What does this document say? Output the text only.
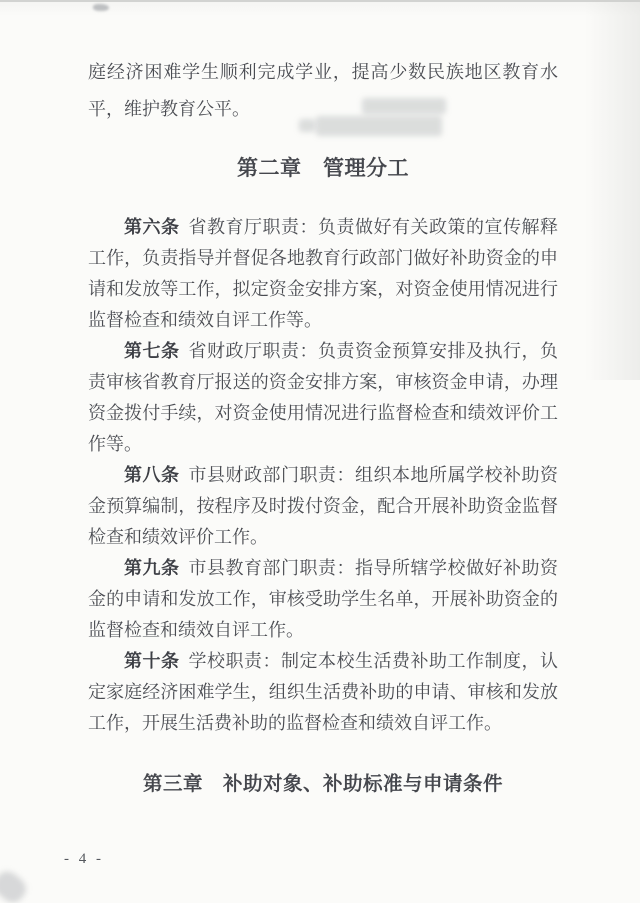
庭经济困难学生顺利完成学业，提高少数民族地区教育水平，维护教育公平。

第二章　管理分工

第六条 省教育厅职责：负责做好有关政策的宣传解释工作，负责指导并督促各地教育行政部门做好补助资金的申请和发放等工作，拟定资金安排方案，对资金使用情况进行监督检查和绩效自评工作等。

第七条 省财政厅职责：负责资金预算安排及执行，负责审核省教育厅报送的资金安排方案，审核资金申请，办理资金拨付手续，对资金使用情况进行监督检查和绩效评价工作等。

第八条 市县财政部门职责：组织本地所属学校补助资金预算编制，按程序及时拨付资金，配合开展补助资金监督检查和绩效评价工作。

第九条 市县教育部门职责：指导所辖学校做好补助资金的申请和发放工作，审核受助学生名单，开展补助资金的监督检查和绩效自评工作。

第十条 学校职责：制定本校生活费补助工作制度，认定家庭经济困难学生，组织生活费补助的申请、审核和发放工作，开展生活费补助的监督检查和绩效自评工作。

第三章　补助对象、补助标准与申请条件
- 4 -
